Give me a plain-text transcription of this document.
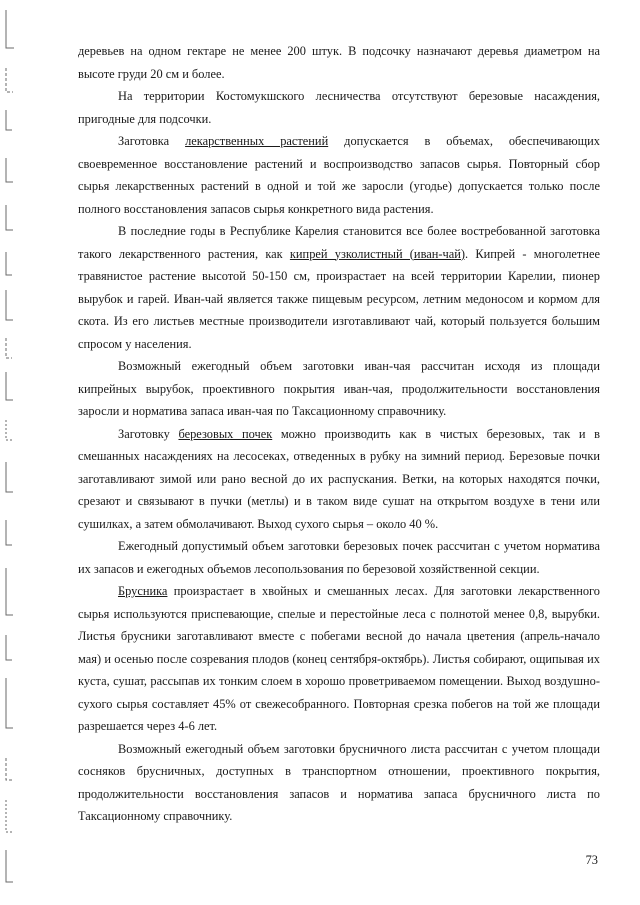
деревьев на одном гектаре не менее 200 штук. В подсочку назначают деревья диаметром на высоте груди 20 см и более.

На территории Костомукшского лесничества отсутствуют березовые насаждения, пригодные для подсочки.

Заготовка лекарственных растений допускается в объемах, обеспечивающих своевременное восстановление растений и воспроизводство запасов сырья. Повторный сбор сырья лекарственных растений в одной и той же заросли (угодье) допускается только после полного восстановления запасов сырья конкретного вида растения.

В последние годы в Республике Карелия становится все более востребованной заготовка такого лекарственного растения, как кипрей узколистный (иван-чай). Кипрей - многолетнее травянистое растение высотой 50-150 см, произрастает на всей территории Карелии, пионер вырубок и гарей. Иван-чай является также пищевым ресурсом, летним медоносом и кормом для скота. Из его листьев местные производители изготавливают чай, который пользуется большим спросом у населения.

Возможный ежегодный объем заготовки иван-чая рассчитан исходя из площади кипрейных вырубок, проективного покрытия иван-чая, продолжительности восстановления заросли и норматива запаса иван-чая по Таксационному справочнику.

Заготовку березовых почек можно производить как в чистых березовых, так и в смешанных насаждениях на лесосеках, отведенных в рубку на зимний период. Березовые почки заготавливают зимой или рано весной до их распускания. Ветки, на которых находятся почки, срезают и связывают в пучки (метлы) и в таком виде сушат на открытом воздухе в тени или сушилках, а затем обмолачивают. Выход сухого сырья – около 40 %.

Ежегодный допустимый объем заготовки березовых почек рассчитан с учетом норматива их запасов и ежегодных объемов лесопользования по березовой хозяйственной секции.

Брусника произрастает в хвойных и смешанных лесах. Для заготовки лекарственного сырья используются приспевающие, спелые и перестойные леса с полнотой менее 0,8, вырубки. Листья брусники заготавливают вместе с побегами весной до начала цветения (апрель-начало мая) и осенью после созревания плодов (конец сентября-октябрь). Листья собирают, ощипывая их куста, сушат, рассыпав их тонким слоем в хорошо проветриваемом помещении. Выход воздушно-сухого сырья составляет 45% от свежесобранного. Повторная срезка побегов на той же площади разрешается через 4-6 лет.

Возможный ежегодный объем заготовки брусничного листа рассчитан с учетом площади сосняков брусничных, доступных в транспортном отношении, проективного покрытия, продолжительности восстановления запасов и норматива запаса брусничного листа по Таксационному справочнику.

73
